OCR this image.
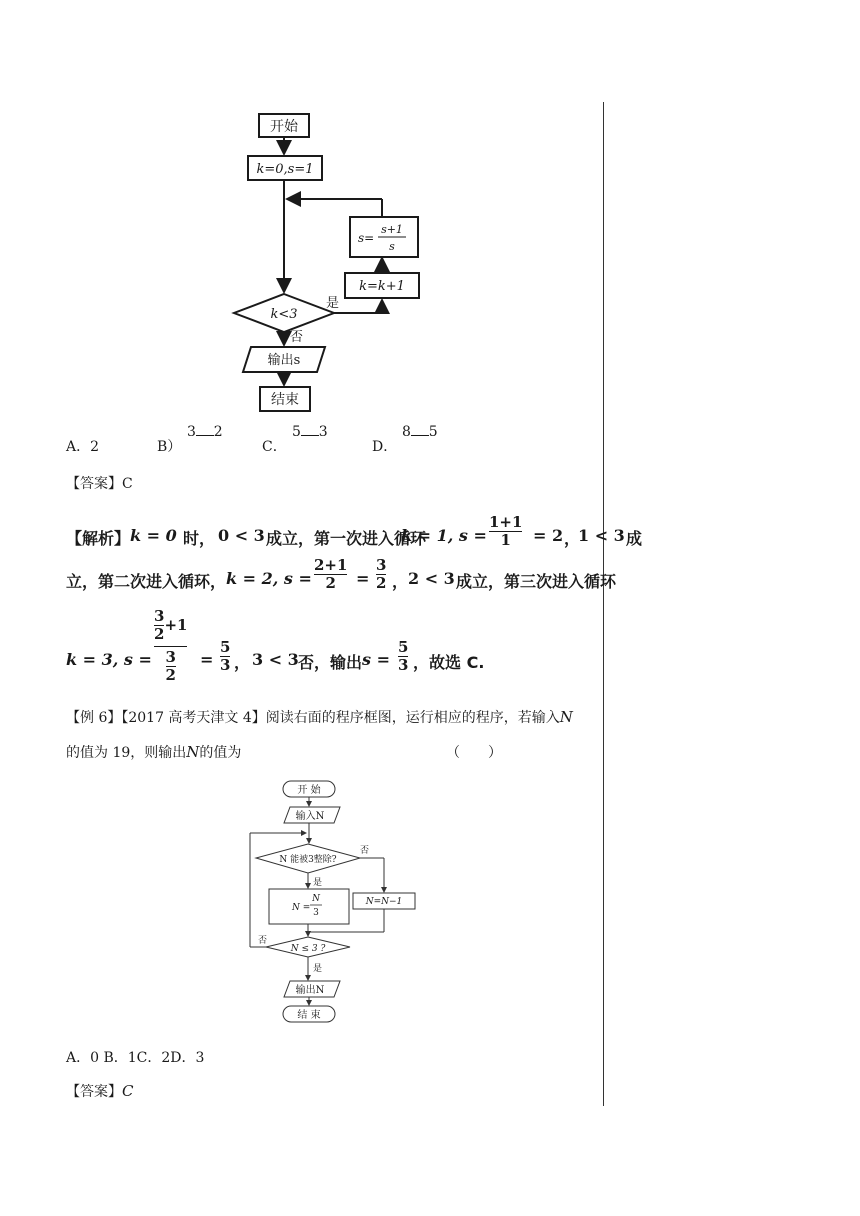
开始
k=0,s=1
k<3
是
否
k=k+1
s=
s+1
s
输出s
结束
A．2	B）
3 2
C．
5 3
D．
8 5
【答案】C
【解析】 k = 0 时， 0 < 3 成立，第一次进入循环
k = 1, s =
1+1
1 = 2 ，
1 < 3 成
立，第二次进入循环， k = 2, s =
2+1
2 =
3
2 ， 2 < 3 成立，第三次进入循环
k = 3, s =
$\frac{3}{2} +1$
$\frac{3}{2}$ =
5
3 ， 3 < 3 否，输出 s =
5
3 ，故选 C.
【例 6】【2017 高考天津文 4】阅读右面的程序框图，运行相应的程序，若输入N
的值为 19，则输出N的值为	（　　）
开 始
输入N
N 能被3整除?
否
是
N =
N
3
N=N−1
N ≤ 3 ?
否
是
输出N
结 束
A．0 B．1C．2D．3
【答案】C
